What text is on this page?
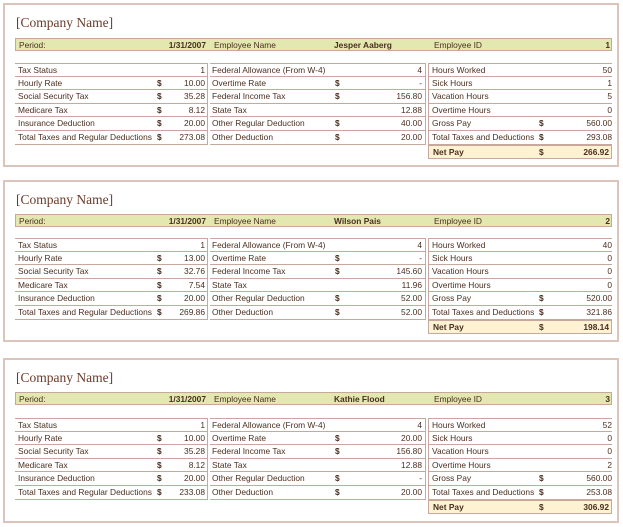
[Company Name]
Period:	1/31/2007 Employee Name	Jesper Aaberg	Employee ID	1
Tax Status	1
Hourly Rate	$	10.00
Social Security Tax	$	35.28
Medicare Tax	$	8.12
Insurance Deduction	$	20.00
Total Taxes and Regular Deductions $ 273.08
Federal Allowance (From W-4)	4
Overtime Rate	$	-
Federal Income Tax	$	156.80
State Tax	12.88
Other Regular Deduction	$	40.00
Other Deduction	$	20.00
Hours Worked	50
Sick Hours	1
Vacation Hours	5
Overtime Hours	0
Gross Pay	$	560.00
Total Taxes and Deductions $	293.08
Net Pay	$	266.92
[Company Name]
Period:	1/31/2007 Employee Name	Wilson Pais	Employee ID	2
Tax Status	1
Hourly Rate	$	13.00
Social Security Tax	$	32.76
Medicare Tax	$	7.54
Insurance Deduction	$	20.00
Total Taxes and Regular Deductions $ 269.86
Federal Allowance (From W-4)	4
Overtime Rate	$	-
Federal Income Tax	$	145.60
State Tax	11.96
Other Regular Deduction	$	52.00
Other Deduction	$	52.00
Hours Worked	40
Sick Hours	0
Vacation Hours	0
Overtime Hours	0
Gross Pay	$	520.00
Total Taxes and Deductions $	321.86
Net Pay	$	198.14
[Company Name]
Period:	1/31/2007 Employee Name	Kathie Flood	Employee ID	3
Tax Status	1
Hourly Rate	$	10.00
Social Security Tax	$	35.28
Medicare Tax	$	8.12
Insurance Deduction	$	20.00
Total Taxes and Regular Deductions $ 233.08
Federal Allowance (From W-4)	4
Overtime Rate	$	20.00
Federal Income Tax	$	156.80
State Tax	12.88
Other Regular Deduction	$	-
Other Deduction	$	20.00
Hours Worked	52
Sick Hours	0
Vacation Hours	0
Overtime Hours	2
Gross Pay	$	560.00
Total Taxes and Deductions $	253.08
Net Pay	$	306.92
